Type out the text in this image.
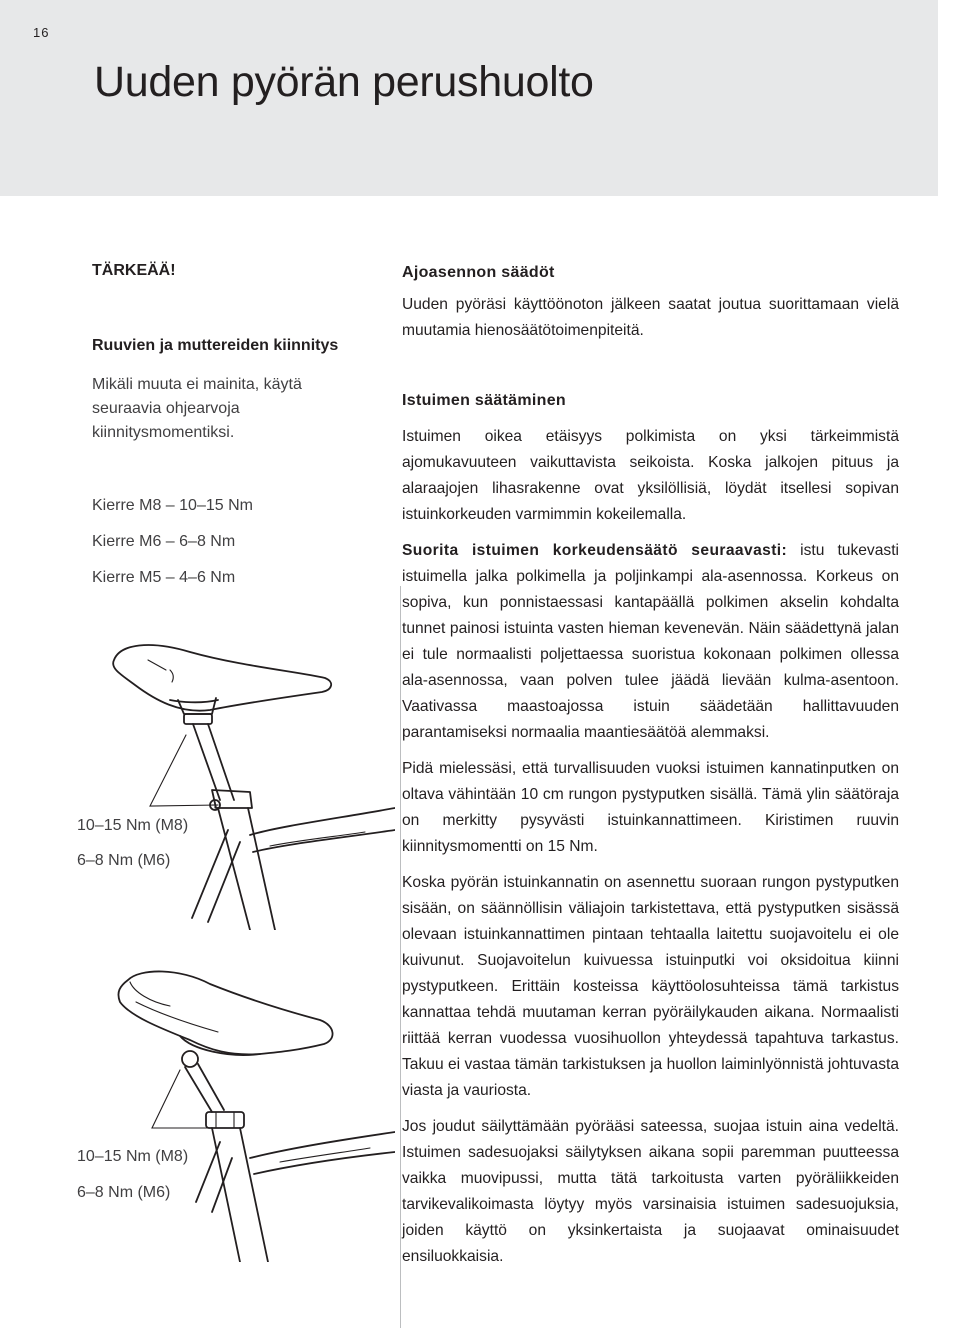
16
Uuden pyörän perushuolto
TÄRKEÄÄ!
Ruuvien ja muttereiden kiinnitys
Mikäli muuta ei mainita, käytä
seuraavia ohjearvoja
kiinnitysmomentiksi.
Kierre M8 – 10–15 Nm
Kierre M6 – 6–8 Nm
Kierre M5 – 4–6 Nm
10–15 Nm (M8)
6–8 Nm (M6)
10–15 Nm (M8)
6–8 Nm (M6)
Ajoasennon säädöt

Uuden pyöräsi käyttöönoton jälkeen saatat joutua suorittamaan vielä muutamia hienosäätötoimenpiteitä.

Istuimen säätäminen

Istuimen oikea etäisyys polkimista on yksi tärkeimmistä ajomukavuuteen vaikuttavista seikoista. Koska jalkojen pituus ja alaraajojen lihasrakenne ovat yksilöllisiä, löydät itsellesi sopivan istuinkorkeuden varmimmin kokeilemalla.

Suorita istuimen korkeudensäätö seuraavasti: istu tukevasti istuimella jalka polkimella ja poljinkampi ala-asennossa. Korkeus on sopiva, kun ponnistaessasi kantapäällä polkimen akselin kohdalta tunnet painosi istuinta vasten hieman kevenevän. Näin säädettynä jalan ei tule normaalisti poljettaessa suoristua kokonaan polkimen ollessa ala-asennossa, vaan polven tulee jäädä lievään kulma-asentoon. Vaativassa maastoajossa istuin säädetään hallittavuuden parantamiseksi normaalia maantiesäätöä alemmaksi.

Pidä mielessäsi, että turvallisuuden vuoksi istuimen kannatinputken on oltava vähintään 10 cm rungon pystyputken sisällä. Tämä ylin säätöraja on merkitty pysyvästi istuinkannattimeen. Kiristimen ruuvin kiinnitysmomentti on 15 Nm.

Koska pyörän istuinkannatin on asennettu suoraan rungon pystyputken sisään, on säännöllisin väliajoin tarkistettava, että pystyputken sisässä olevaan istuinkannattimen pintaan tehtaalla laitettu suojavoitelu ei ole kuivunut. Suojavoitelun kuivuessa istuinputki voi oksidoitua kiinni pystyputkeen. Erittäin kosteissa käyttöolosuhteissa tämä tarkistus kannattaa tehdä muutaman kerran pyöräilykauden aikana. Normaalisti riittää kerran vuodessa vuosihuollon yhteydessä tapahtuva tarkastus. Takuu ei vastaa tämän tarkistuksen ja huollon laiminlyönnistä johtuvasta viasta ja vauriosta.

Jos joudut säilyttämään pyörääsi sateessa, suojaa istuin aina vedeltä. Istuimen sadesuojaksi säilytyksen aikana sopii paremman puutteessa vaikka muovipussi, mutta tätä tarkoitusta varten pyöräliikkeiden tarvikevalikoimasta löytyy myös varsinaisia istuimen sadesuojuksia, joiden käyttö on yksinkertaista ja suojaavat ominaisuudet ensiluokkaisia.
